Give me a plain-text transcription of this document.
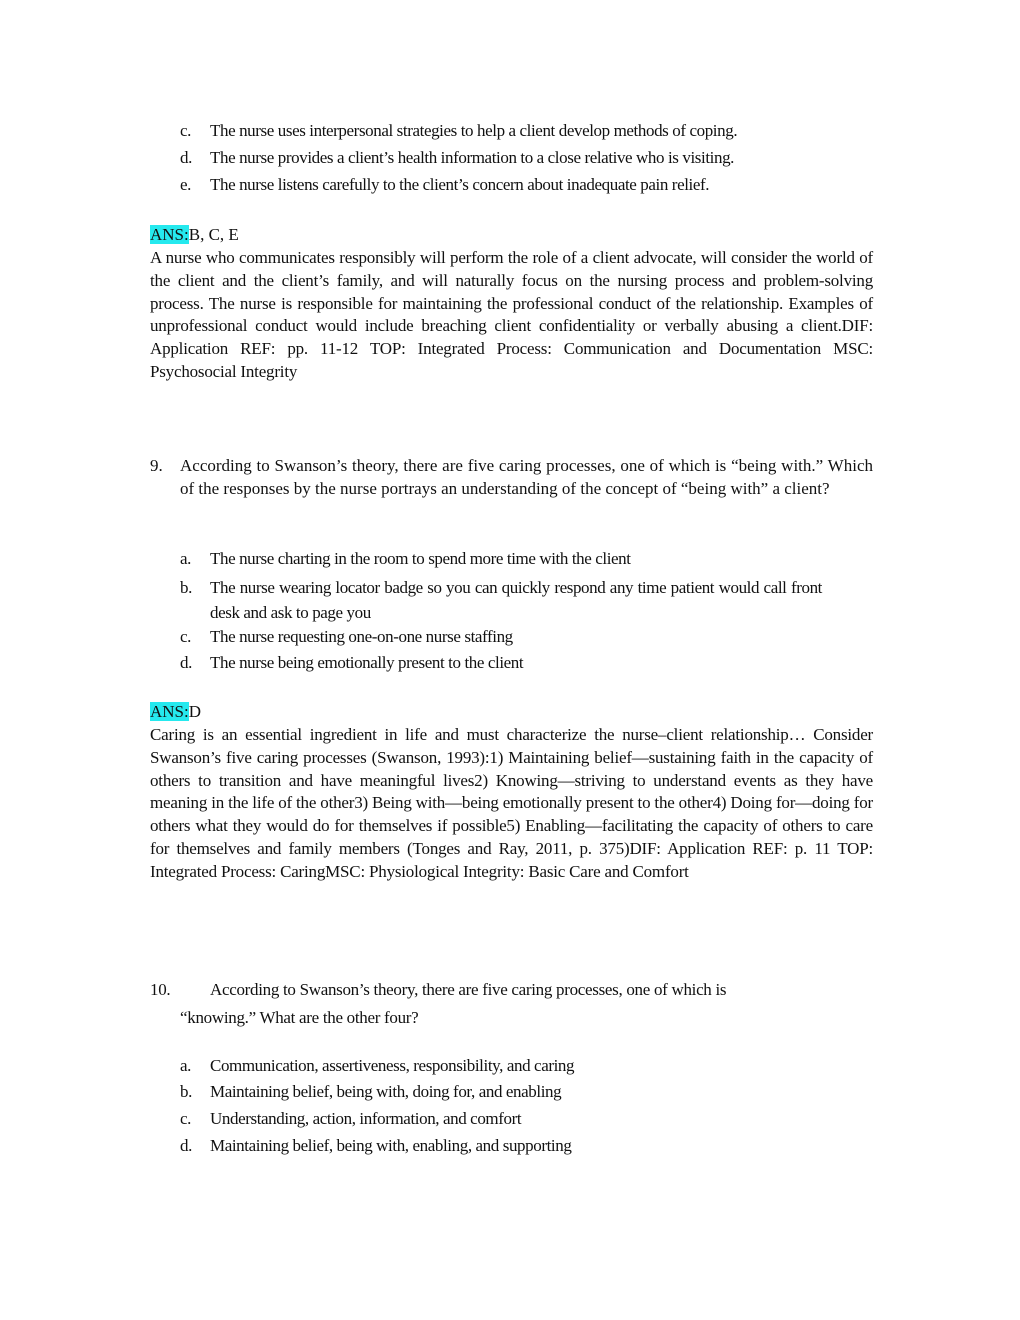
c. The nurse uses interpersonal strategies to help a client develop methods of coping.
d. The nurse provides a client’s health information to a close relative who is visiting.
e. The nurse listens carefully to the client’s concern about inadequate pain relief.
ANS:B, C, E
A nurse who communicates responsibly will perform the role of a client advocate, will consider the world of the client and the client’s family, and will naturally focus on the nursing process and problem-solving process. The nurse is responsible for maintaining the professional conduct of the relationship. Examples of unprofessional conduct would include breaching client confidentiality or verbally abusing a client.DIF: Application REF: pp. 11-12 TOP: Integrated Process: Communication and Documentation MSC: Psychosocial Integrity
9. According to Swanson’s theory, there are five caring processes, one of which is “being with.” Which of the responses by the nurse portrays an understanding of the concept of “being with” a client?
a. The nurse charting in the room to spend more time with the client
b. The nurse wearing locator badge so you can quickly respond any time patient would call front desk and ask to page you
c. The nurse requesting one-on-one nurse staffing
d. The nurse being emotionally present to the client
ANS:D
Caring is an essential ingredient in life and must characterize the nurse–client relationship… Consider Swanson’s five caring processes (Swanson, 1993):1) Maintaining belief—sustaining faith in the capacity of others to transition and have meaningful lives2) Knowing—striving to understand events as they have meaning in the life of the other3) Being with—being emotionally present to the other4) Doing for—doing for others what they would do for themselves if possible5) Enabling—facilitating the capacity of others to care for themselves and family members (Tonges and Ray, 2011, p. 375)DIF: Application REF: p. 11 TOP: Integrated Process: CaringMSC: Physiological Integrity: Basic Care and Comfort
10. According to Swanson’s theory, there are five caring processes, one of which is
“knowing.” What are the other four?
a. Communication, assertiveness, responsibility, and caring
b. Maintaining belief, being with, doing for, and enabling
c. Understanding, action, information, and comfort
d. Maintaining belief, being with, enabling, and supporting
